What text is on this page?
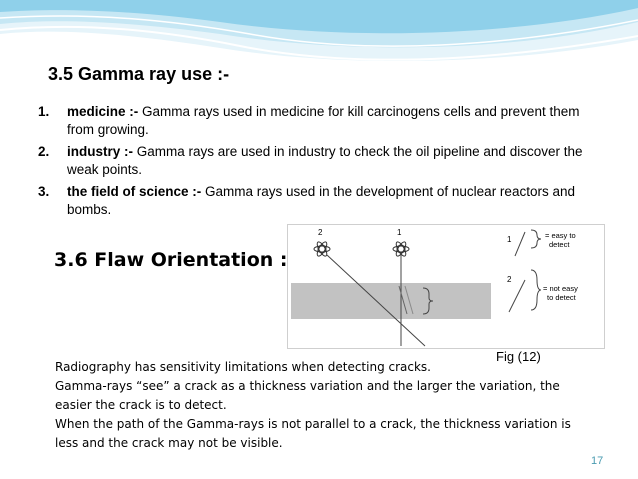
3.5 Gamma ray use :-
1. medicine :- Gamma rays used in medicine for kill carcinogens cells and prevent them from growing.
2. industry :- Gamma rays are used in industry to check the oil pipeline and discover the weak points.
3. the field of science :- Gamma rays used in the development of nuclear reactors and bombs.
3.6 Flaw Orientation :
2	1
1	= easy to
detect
2
= not easy
to detect
Fig (12)

Radiography has sensitivity limitations when detecting cracks.

Gamma-rays “see” a crack as a thickness variation and the larger the variation, the easier the crack is to detect.

When the path of the Gamma-rays is not parallel to a crack, the thickness variation is less and the crack may not be visible.

17
